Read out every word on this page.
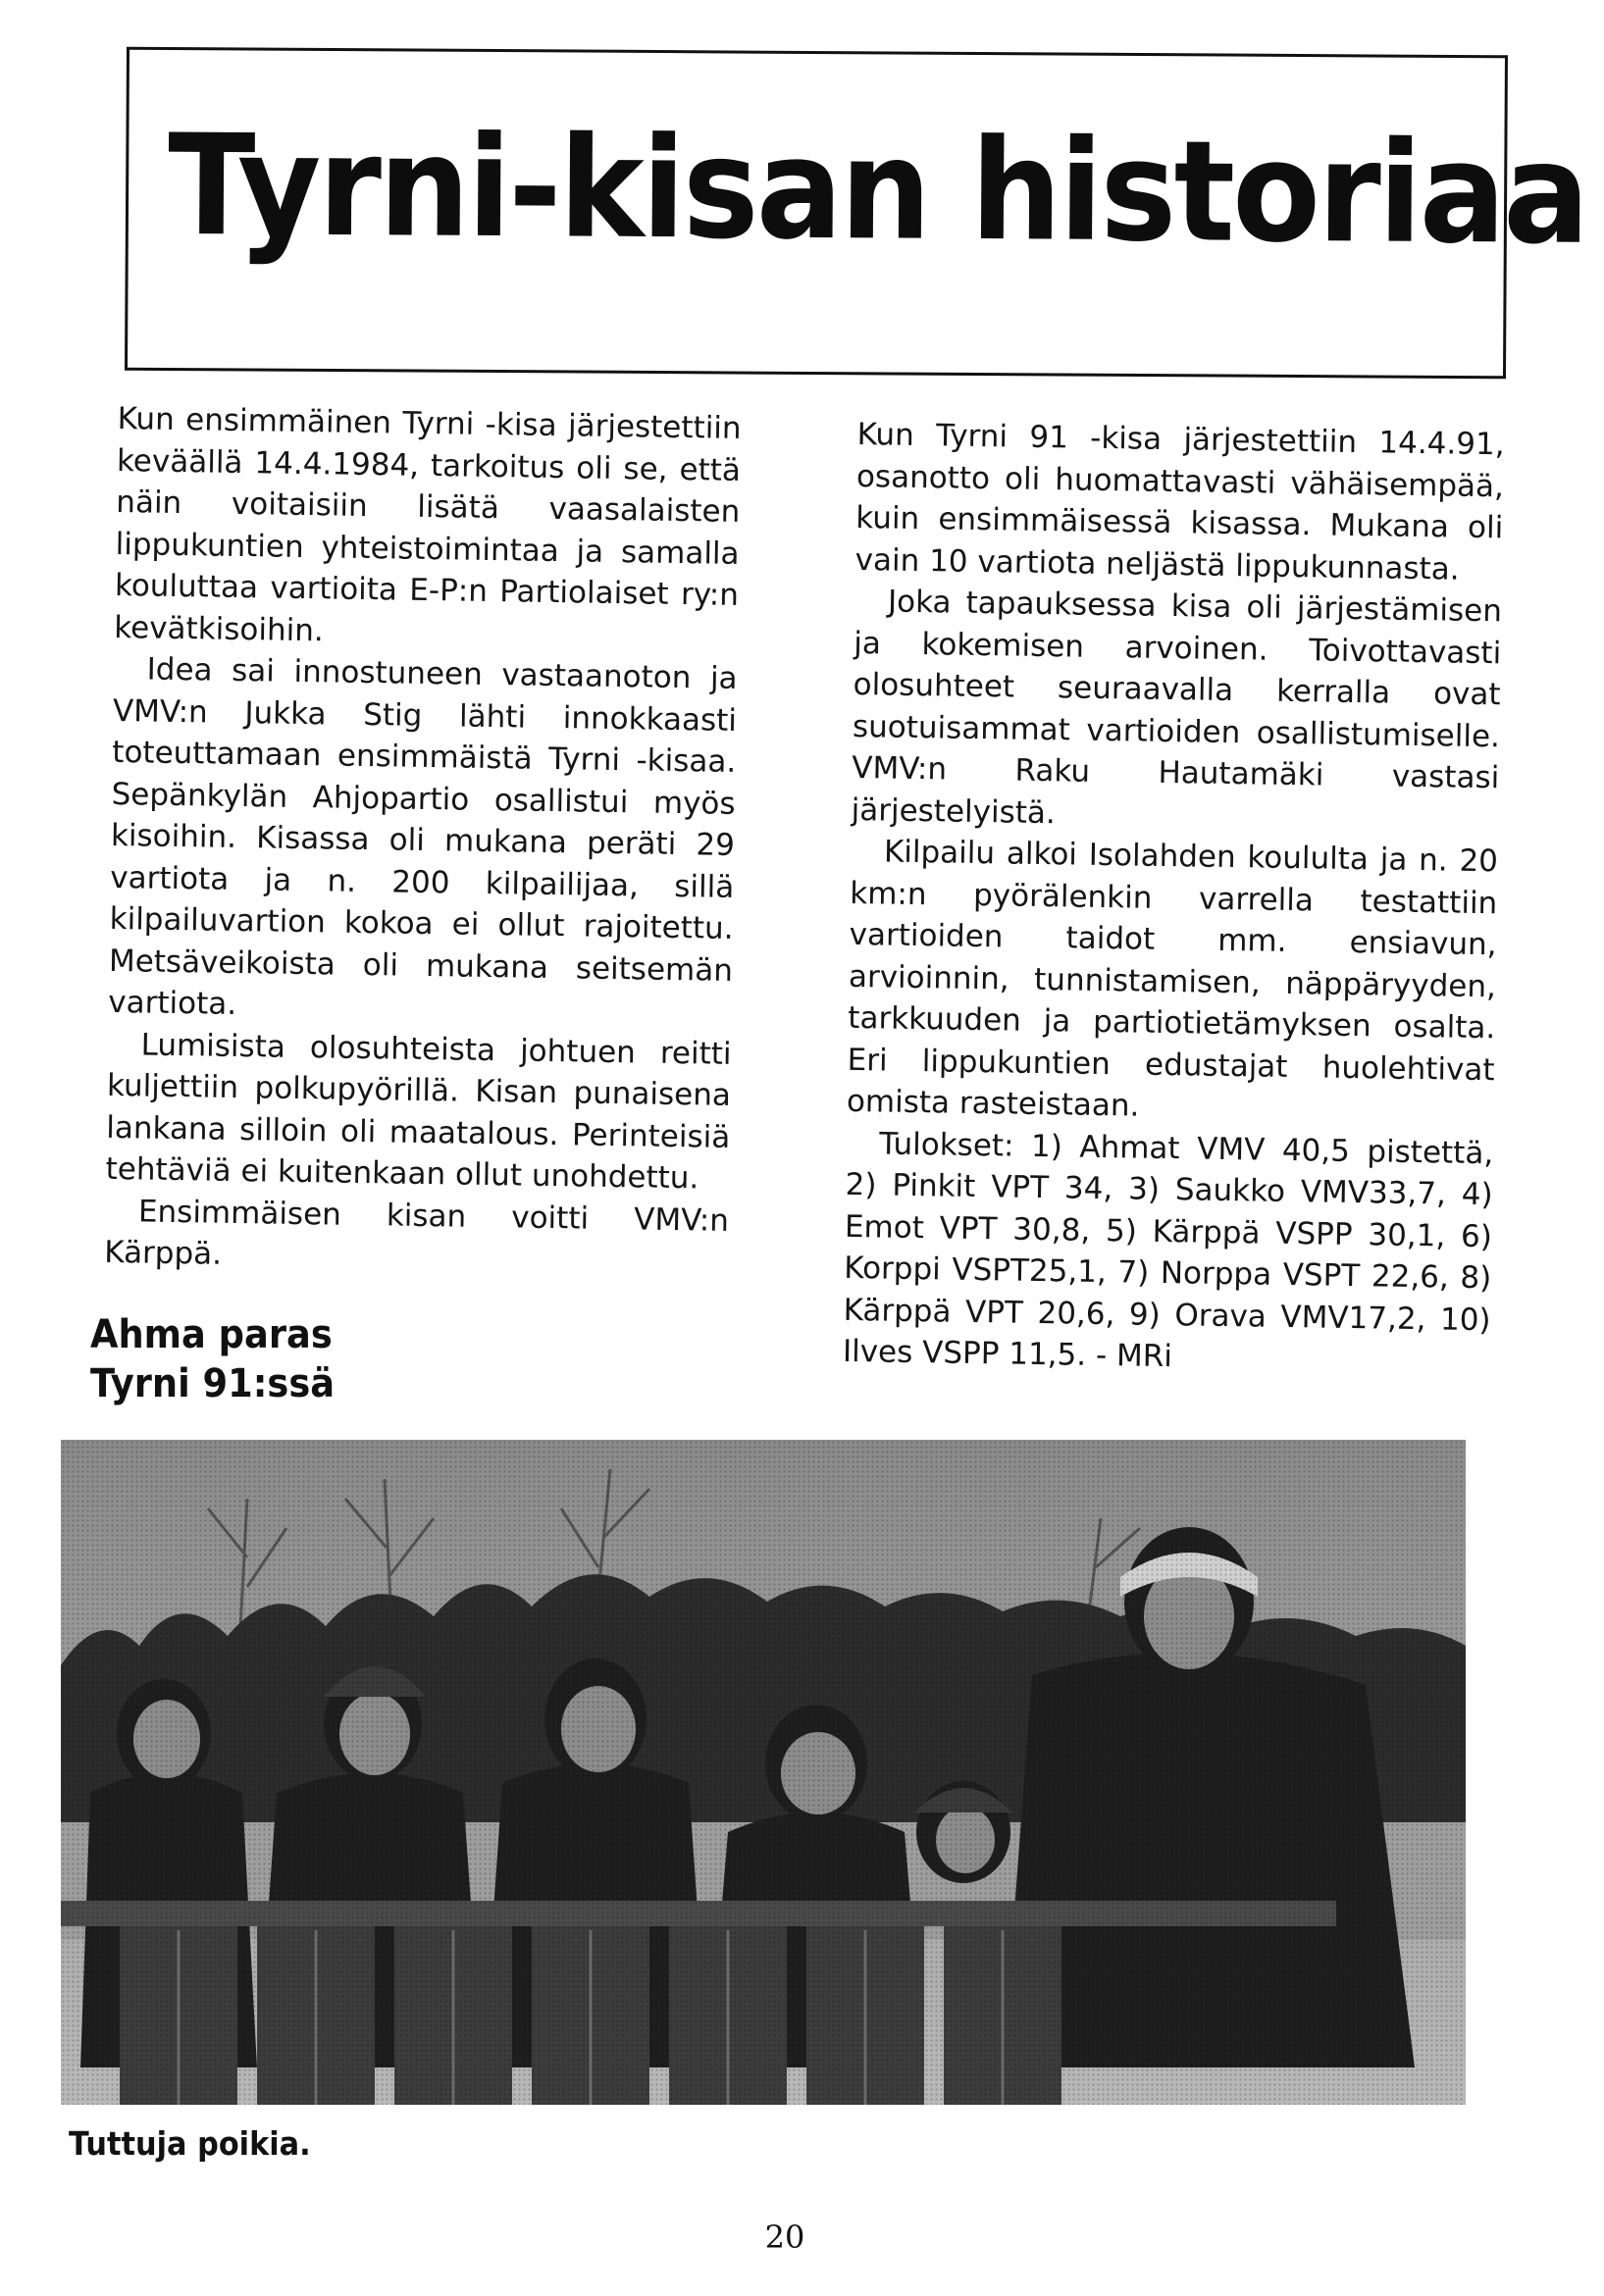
Tyrni-kisan historiaa

Kun ensimmäinen Tyrni -kisa järjestettiin keväällä 14.4.1984, tarkoitus oli se, että näin voitaisiin lisätä vaasalaisten lippukuntien yhteistoimintaa ja samalla kouluttaa vartioita E-P:n Partiolaiset ry:n kevätkisoihin.

Idea sai innostuneen vastaanoton ja VMV:n Jukka Stig lähti innokkaasti toteuttamaan ensimmäistä Tyrni -kisaa. Sepänkylän Ahjopartio osallistui myös kisoihin. Kisassa oli mukana peräti 29 vartiota ja n. 200 kilpailijaa, sillä kilpailuvartion kokoa ei ollut rajoitettu. Metsäveikoista oli mukana seitsemän vartiota.

Lumisista olosuhteista johtuen reitti kuljettiin polkupyörillä. Kisan punaisena lankana silloin oli maatalous. Perinteisiä tehtäviä ei kuitenkaan ollut unohdettu.

Ensimmäisen kisan voitti VMV:n Kärppä.

Ahma paras
Tyrni 91:ssä

Kun Tyrni 91 -kisa järjestettiin 14.4.91, osanotto oli huomattavasti vähäisempää, kuin ensimmäisessä kisassa. Mukana oli vain 10 vartiota neljästä lippukunnasta.

Joka tapauksessa kisa oli järjestämisen ja kokemisen arvoinen. Toivottavasti olosuhteet seuraavalla kerralla ovat suotuisammat vartioiden osallistumiselle. VMV:n Raku Hautamäki vastasi järjestelyistä.

Kilpailu alkoi Isolahden koululta ja n. 20 km:n pyörälenkin varrella testattiin vartioiden taidot mm. ensiavun, arvioinnin, tunnistamisen, näppäryyden, tarkkuuden ja partiotietämyksen osalta. Eri lippukuntien edustajat huolehtivat omista rasteistaan.

Tulokset: 1) Ahmat VMV 40,5 pistettä, 2) Pinkit VPT 34, 3) Saukko VMV33,7, 4) Emot VPT 30,8, 5) Kärppä VSPP 30,1, 6) Korppi VSPT25,1, 7) Norppa VSPT 22,6, 8) Kärppä VPT 20,6, 9) Orava VMV17,2, 10) Ilves VSPP 11,5. - MRi

Tuttuja poikia.

20
